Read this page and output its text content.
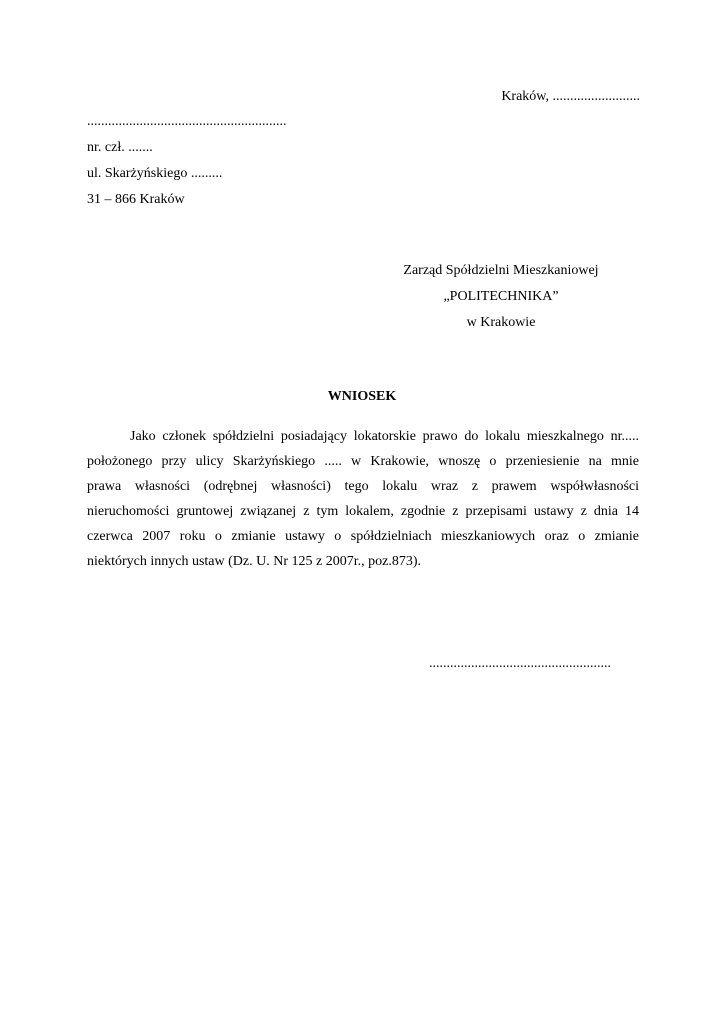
Kraków, .........................
.........................................................
nr. czł. .......
ul. Skarżyńskiego .........
31 – 866 Kraków
Zarząd Spółdzielni Mieszkaniowej
„POLITECHNIKA”
w Krakowie
WNIOSEK
Jako członek spółdzielni posiadający lokatorskie prawo do lokalu mieszkalnego nr.....
położonego przy ulicy Skarżyńskiego ..... w Krakowie, wnoszę o przeniesienie na mnie
prawa własności (odrębnej własności) tego lokalu wraz z prawem współwłasności
nieruchomości gruntowej związanej z tym lokalem, zgodnie z przepisami ustawy z dnia 14
czerwca 2007 roku o zmianie ustawy o spółdzielniach mieszkaniowych oraz o zmianie
niektórych innych ustaw (Dz. U. Nr 125 z 2007r., poz.873).
....................................................
